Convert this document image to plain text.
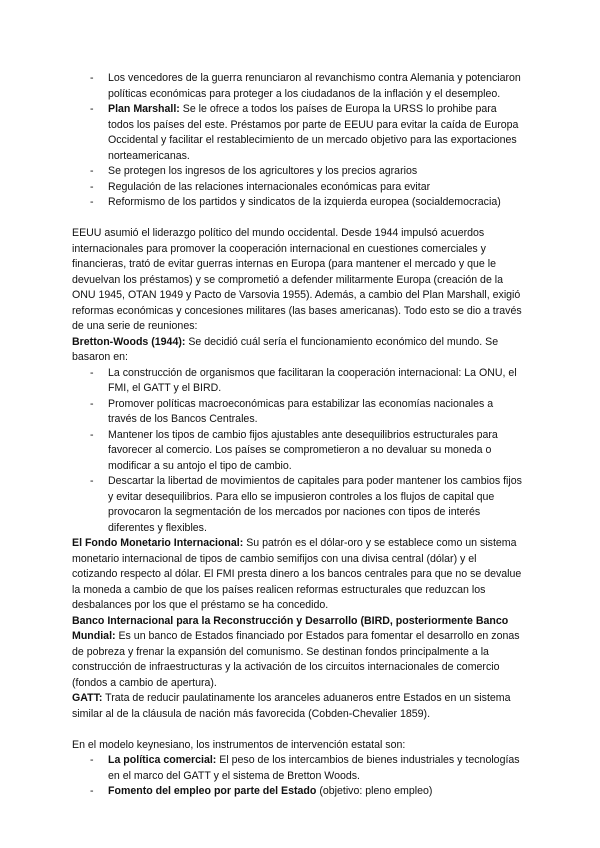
- Los vencedores de la guerra renunciaron al revanchismo contra Alemania y potenciaron políticas económicas para proteger a los ciudadanos de la inflación y el desempleo.
- Plan Marshall: Se le ofrece a todos los países de Europa la URSS lo prohibe para todos los países del este. Préstamos por parte de EEUU para evitar la caída de Europa Occidental y facilitar el restablecimiento de un mercado objetivo para las exportaciones norteamericanas.
- Se protegen los ingresos de los agricultores y los precios agrarios
- Regulación de las relaciones internacionales económicas para evitar
- Reformismo de los partidos y sindicatos de la izquierda europea (socialdemocracia)

EEUU asumió el liderazgo político del mundo occidental. Desde 1944 impulsó acuerdos internacionales para promover la cooperación internacional en cuestiones comerciales y financieras, trató de evitar guerras internas en Europa (para mantener el mercado y que le devuelvan los préstamos) y se comprometió a defender militarmente Europa (creación de la ONU 1945, OTAN 1949 y Pacto de Varsovia 1955). Además, a cambio del Plan Marshall, exigió reformas económicas y concesiones militares (las bases americanas). Todo esto se dio a través de una serie de reuniones:

Bretton-Woods (1944): Se decidió cuál sería el funcionamiento económico del mundo. Se basaron en:

- La construcción de organismos que facilitaran la cooperación internacional: La ONU, el FMI, el GATT y el BIRD.
- Promover políticas macroeconómicas para estabilizar las economías nacionales a través de los Bancos Centrales.
- Mantener los tipos de cambio fijos ajustables ante desequilibrios estructurales para favorecer al comercio. Los países se comprometieron a no devaluar su moneda o modificar a su antojo el tipo de cambio.
- Descartar la libertad de movimientos de capitales para poder mantener los cambios fijos y evitar desequilibrios. Para ello se impusieron controles a los flujos de capital que provocaron la segmentación de los mercados por naciones con tipos de interés diferentes y flexibles.

El Fondo Monetario Internacional: Su patrón es el dólar-oro y se establece como un sistema monetario internacional de tipos de cambio semifijos con una divisa central (dólar) y el cotizando respecto al dólar. El FMI presta dinero a los bancos centrales para que no se devalue la moneda a cambio de que los países realicen reformas estructurales que reduzcan los desbalances por los que el préstamo se ha concedido.

Banco Internacional para la Reconstrucción y Desarrollo (BIRD, posteriormente Banco Mundial: Es un banco de Estados financiado por Estados para fomentar el desarrollo en zonas de pobreza y frenar la expansión del comunismo. Se destinan fondos principalmente a la construcción de infraestructuras y la activación de los circuitos internacionales de comercio (fondos a cambio de apertura).

GATT: Trata de reducir paulatinamente los aranceles aduaneros entre Estados en un sistema similar al de la cláusula de nación más favorecida (Cobden-Chevalier 1859).

En el modelo keynesiano, los instrumentos de intervención estatal son:

- La política comercial: El peso de los intercambios de bienes industriales y tecnologías en el marco del GATT y el sistema de Bretton Woods.
- Fomento del empleo por parte del Estado (objetivo: pleno empleo)
